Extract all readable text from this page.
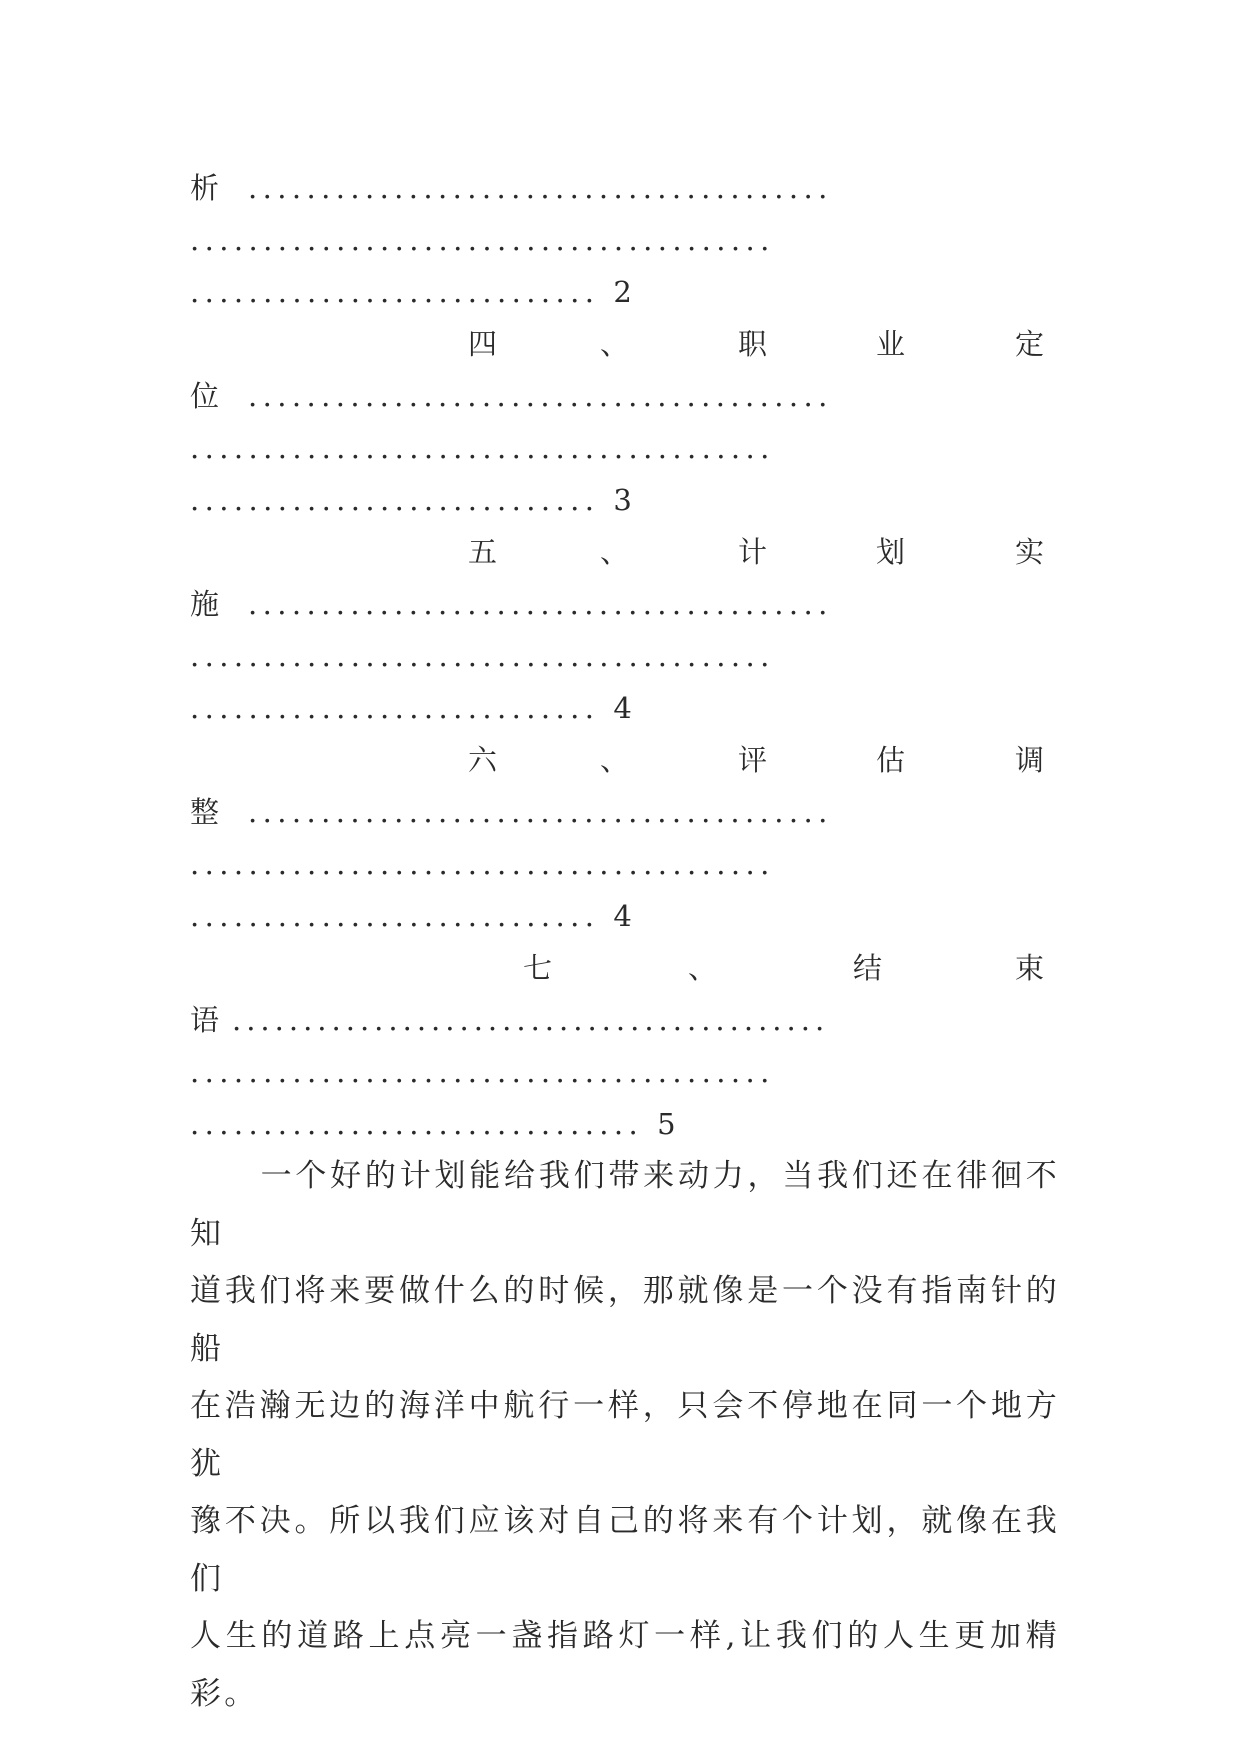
析 ........................................
........................................
............................ 2
四	、	职	业	定
位 ........................................
........................................
............................ 3
五	、	计	划	实
施 ........................................
........................................
............................ 4
六	、	评	估	调
整 ........................................
........................................
............................ 4
七	、	结	束
语 ..........................................
........................................
............................... 5
一个好的计划能给我们带来动力，当我们还在徘徊不知
道我们将来要做什么的时候，那就像是一个没有指南针的船
在浩瀚无边的海洋中航行一样，只会不停地在同一个地方犹
豫不决。所以我们应该对自己的将来有个计划，就像在我们
人生的道路上点亮一盏指路灯一样,让我们的人生更加精彩。
